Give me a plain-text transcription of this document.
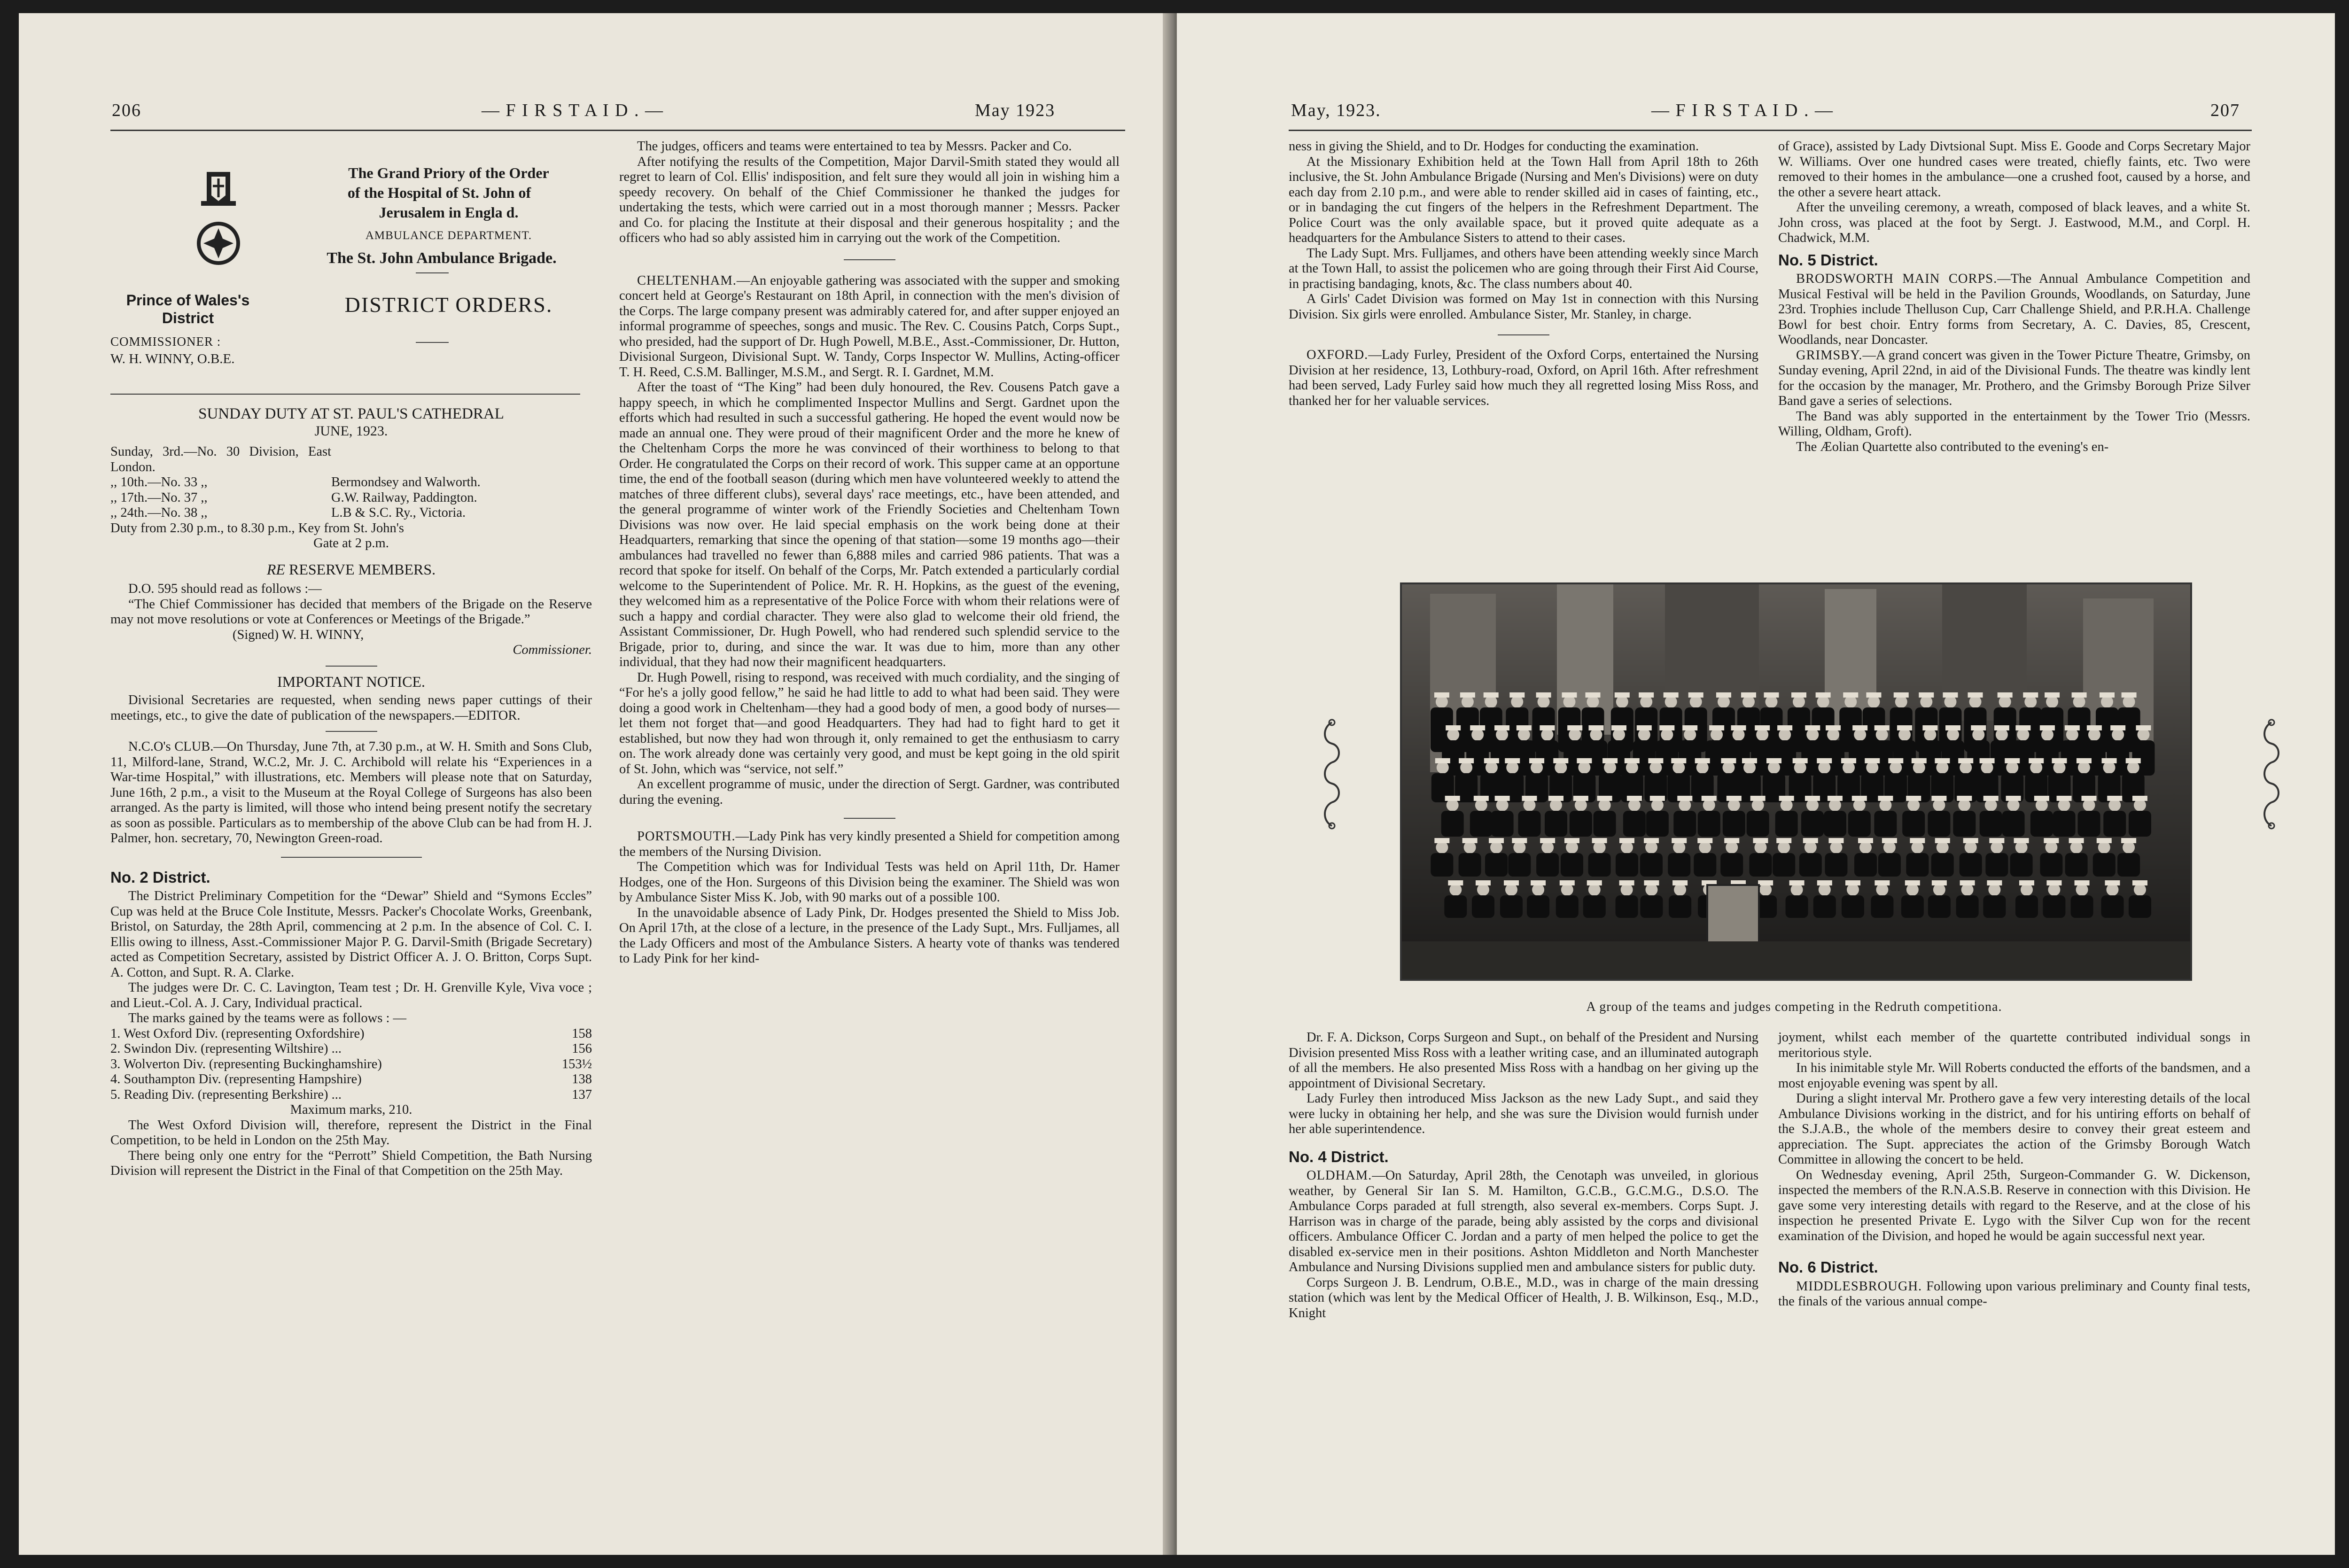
206	— F I R S T A I D . —	May 1923
The Grand Priory of the Order
of the Hospital of St. John of
Jerusalem in Engla d.
AMBULANCE DEPARTMENT.
The St. John Ambulance Brigade.
Prince of Wales's District
DISTRICT ORDERS.
COMMISSIONER :
W. H. WINNY, O.B.E.
SUNDAY DUTY AT ST. PAUL'S CATHEDRAL
JUNE, 1923.
Sunday, 3rd.—No. 30 Division, East London.	
,, 10th.—No. 33 ,,	Bermondsey and Walworth.
,, 17th.—No. 37 ,,	G.W. Railway, Paddington.
,, 24th.—No. 38 ,,	L.B & S.C. Ry., Victoria.

Duty from 2.30 p.m., to 8.30 p.m., Key from St. John's

Gate at 2 p.m.

RE RESERVE MEMBERS.

D.O. 595 should read as follows :—

“The Chief Commissioner has decided that members of the Brigade on the Reserve may not move resolutions or vote at Conferences or Meetings of the Brigade.”

(Signed) W. H. WINNY,

Commissioner.

IMPORTANT NOTICE.

Divisional Secretaries are requested, when sending news paper cuttings of their meetings, etc., to give the date of publication of the newspapers.—EDITOR.

N.C.O's CLUB.—On Thursday, June 7th, at 7.30 p.m., at W. H. Smith and Sons Club, 11, Milford-lane, Strand, W.C.2, Mr. J. C. Archibold will relate his “Experiences in a War-time Hospital,” with illustrations, etc. Members will please note that on Saturday, June 16th, 2 p.m., a visit to the Museum at the Royal College of Surgeons has also been arranged. As the party is limited, will those who intend being present notify the secretary as soon as possible. Particulars as to membership of the above Club can be had from H. J. Palmer, hon. secretary, 70, Newington Green-road.

No. 2 District.

The District Preliminary Competition for the “Dewar” Shield and “Symons Eccles” Cup was held at the Bruce Cole Institute, Messrs. Packer's Chocolate Works, Greenbank, Bristol, on Saturday, the 28th April, commencing at 2 p.m. In the absence of Col. C. I. Ellis owing to illness, Asst.-Commissioner Major P. G. Darvil-Smith (Brigade Secretary) acted as Competition Secretary, assisted by District Officer A. J. O. Britton, Corps Supt. A. Cotton, and Supt. R. A. Clarke.

The judges were Dr. C. C. Lavington, Team test ; Dr. H. Grenville Kyle, Viva voce ; and Lieut.-Col. A. J. Cary, Individual practical.

The marks gained by the teams were as follows : —

1. West Oxford Div. (representing Oxfordshire)	158
2. Swindon Div. (representing Wiltshire) ...	156
3. Wolverton Div. (representing Buckinghamshire)	153½
4. Southampton Div. (representing Hampshire)	138
5. Reading Div. (representing Berkshire) ...	137

Maximum marks, 210.

The West Oxford Division will, therefore, represent the District in the Final Competition, to be held in London on the 25th May.

There being only one entry for the “Perrott” Shield Competition, the Bath Nursing Division will represent the District in the Final of that Competition on the 25th May.

The judges, officers and teams were entertained to tea by Messrs. Packer and Co.

After notifying the results of the Competition, Major Darvil-Smith stated they would all regret to learn of Col. Ellis' indisposition, and felt sure they would all join in wishing him a speedy recovery. On behalf of the Chief Commissioner he thanked the judges for undertaking the tests, which were carried out in a most thorough manner ; Messrs. Packer and Co. for placing the Institute at their disposal and their generous hospitality ; and the officers who had so ably assisted him in carrying out the work of the Competition.

CHELTENHAM.—An enjoyable gathering was associated with the supper and smoking concert held at George's Restaurant on 18th April, in connection with the men's division of the Corps. The large company present was admirably catered for, and after supper enjoyed an informal programme of speeches, songs and music. The Rev. C. Cousins Patch, Corps Supt., who presided, had the support of Dr. Hugh Powell, M.B.E., Asst.-Commissioner, Dr. Hutton, Divisional Surgeon, Divisional Supt. W. Tandy, Corps Inspector W. Mullins, Acting-officer T. H. Reed, C.S.M. Ballinger, M.S.M., and Sergt. R. I. Gardnet, M.M.

After the toast of “The King” had been duly honoured, the Rev. Cousens Patch gave a happy speech, in which he complimented Inspector Mullins and Sergt. Gardnet upon the efforts which had resulted in such a successful gathering. He hoped the event would now be made an annual one. They were proud of their magnificent Order and the more he knew of the Cheltenham Corps the more he was convinced of their worthiness to belong to that Order. He congratulated the Corps on their record of work. This supper came at an opportune time, the end of the football season (during which men have volunteered weekly to attend the matches of three different clubs), several days' race meetings, etc., have been attended, and the general programme of winter work of the Friendly Societies and Cheltenham Town Divisions was now over. He laid special emphasis on the work being done at their Headquarters, remarking that since the opening of that station—some 19 months ago—their ambulances had travelled no fewer than 6,888 miles and carried 986 patients. That was a record that spoke for itself. On behalf of the Corps, Mr. Patch extended a particularly cordial welcome to the Superintendent of Police. Mr. R. H. Hopkins, as the guest of the evening, they welcomed him as a representative of the Police Force with whom their relations were of such a happy and cordial character. They were also glad to welcome their old friend, the Assistant Commissioner, Dr. Hugh Powell, who had rendered such splendid service to the Brigade, prior to, during, and since the war. It was due to him, more than any other individual, that they had now their magnificent headquarters.

Dr. Hugh Powell, rising to respond, was received with much cordiality, and the singing of “For he's a jolly good fellow,” he said he had little to add to what had been said. They were doing a good work in Cheltenham—they had a good body of men, a good body of nurses—let them not forget that—and good Headquarters. They had had to fight hard to get it established, but now they had won through it, only remained to get the enthusiasm to carry on. The work already done was certainly very good, and must be kept going in the old spirit of St. John, which was “service, not self.”

An excellent programme of music, under the direction of Sergt. Gardner, was contributed during the evening.

PORTSMOUTH.—Lady Pink has very kindly presented a Shield for competition among the members of the Nursing Division.

The Competition which was for Individual Tests was held on April 11th, Dr. Hamer Hodges, one of the Hon. Surgeons of this Division being the examiner. The Shield was won by Ambulance Sister Miss K. Job, with 90 marks out of a possible 100.

In the unavoidable absence of Lady Pink, Dr. Hodges presented the Shield to Miss Job. On April 17th, at the close of a lecture, in the presence of the Lady Supt., Mrs. Fulljames, all the Lady Officers and most of the Ambulance Sisters. A hearty vote of thanks was tendered to Lady Pink for her kind-

May, 1923.	— F I R S T A I D . —	207

ness in giving the Shield, and to Dr. Hodges for conducting the examination.

At the Missionary Exhibition held at the Town Hall from April 18th to 26th inclusive, the St. John Ambulance Brigade (Nursing and Men's Divisions) were on duty each day from 2.10 p.m., and were able to render skilled aid in cases of fainting, etc., or in bandaging the cut fingers of the helpers in the Refreshment Department. The Police Court was the only available space, but it proved quite adequate as a headquarters for the Ambulance Sisters to attend to their cases.

The Lady Supt. Mrs. Fulljames, and others have been attending weekly since March at the Town Hall, to assist the policemen who are going through their First Aid Course, in practising bandaging, knots, &c. The class numbers about 40.

A Girls' Cadet Division was formed on May 1st in connection with this Nursing Division. Six girls were enrolled. Ambulance Sister, Mr. Stanley, in charge.

OXFORD.—Lady Furley, President of the Oxford Corps, entertained the Nursing Division at her residence, 13, Lothbury-road, Oxford, on April 16th. After refreshment had been served, Lady Furley said how much they all regretted losing Miss Ross, and thanked her for her valuable services.

of Grace), assisted by Lady Divtsional Supt. Miss E. Goode and Corps Secretary Major W. Williams. Over one hundred cases were treated, chiefly faints, etc. Two were removed to their homes in the ambulance—one a crushed foot, caused by a horse, and the other a severe heart attack.

After the unveiling ceremony, a wreath, composed of black leaves, and a white St. John cross, was placed at the foot by Sergt. J. Eastwood, M.M., and Corpl. H. Chadwick, M.M.

No. 5 District.

BRODSWORTH MAIN CORPS.—The Annual Ambulance Competition and Musical Festival will be held in the Pavilion Grounds, Woodlands, on Saturday, June 23rd. Trophies include Thelluson Cup, Carr Challenge Shield, and P.R.H.A. Challenge Bowl for best choir. Entry forms from Secretary, A. C. Davies, 85, Crescent, Woodlands, near Doncaster.

GRIMSBY.—A grand concert was given in the Tower Picture Theatre, Grimsby, on Sunday evening, April 22nd, in aid of the Divisional Funds. The theatre was kindly lent for the occasion by the manager, Mr. Prothero, and the Grimsby Borough Prize Silver Band gave a series of selections.

The Band was ably supported in the entertainment by the Tower Trio (Messrs. Willing, Oldham, Groft).

The Æolian Quartette also contributed to the evening's en-

A group of the teams and judges competing in the Redruth competitiona.

Dr. F. A. Dickson, Corps Surgeon and Supt., on behalf of the President and Nursing Division presented Miss Ross with a leather writing case, and an illuminated autograph of all the members. He also presented Miss Ross with a handbag on her giving up the appointment of Divisional Secretary.

Lady Furley then introduced Miss Jackson as the new Lady Supt., and said they were lucky in obtaining her help, and she was sure the Division would furnish under her able superintendence.

No. 4 District.

OLDHAM.—On Saturday, April 28th, the Cenotaph was unveiled, in glorious weather, by General Sir Ian S. M. Hamilton, G.C.B., G.C.M.G., D.S.O. The Ambulance Corps paraded at full strength, also several ex-members. Corps Supt. J. Harrison was in charge of the parade, being ably assisted by the corps and divisional officers. Ambulance Officer C. Jordan and a party of men helped the police to get the disabled ex-service men in their positions. Ashton Middleton and North Manchester Ambulance and Nursing Divisions supplied men and ambulance sisters for public duty.

Corps Surgeon J. B. Lendrum, O.B.E., M.D., was in charge of the main dressing station (which was lent by the Medical Officer of Health, J. B. Wilkinson, Esq., M.D., Knight

joyment, whilst each member of the quartette contributed individual songs in meritorious style.

In his inimitable style Mr. Will Roberts conducted the efforts of the bandsmen, and a most enjoyable evening was spent by all.

During a slight interval Mr. Prothero gave a few very interesting details of the local Ambulance Divisions working in the district, and for his untiring efforts on behalf of the S.J.A.B., the whole of the members desire to convey their great esteem and appreciation. The Supt. appreciates the action of the Grimsby Borough Watch Committee in allowing the concert to be held.

On Wednesday evening, April 25th, Surgeon-Commander G. W. Dickenson, inspected the members of the R.N.A.S.B. Reserve in connection with this Division. He gave some very interesting details with regard to the Reserve, and at the close of his inspection he presented Private E. Lygo with the Silver Cup won for the recent examination of the Division, and hoped he would be again successful next year.

No. 6 District.

MIDDLESBROUGH. Following upon various preliminary and County final tests, the finals of the various annual compe-
